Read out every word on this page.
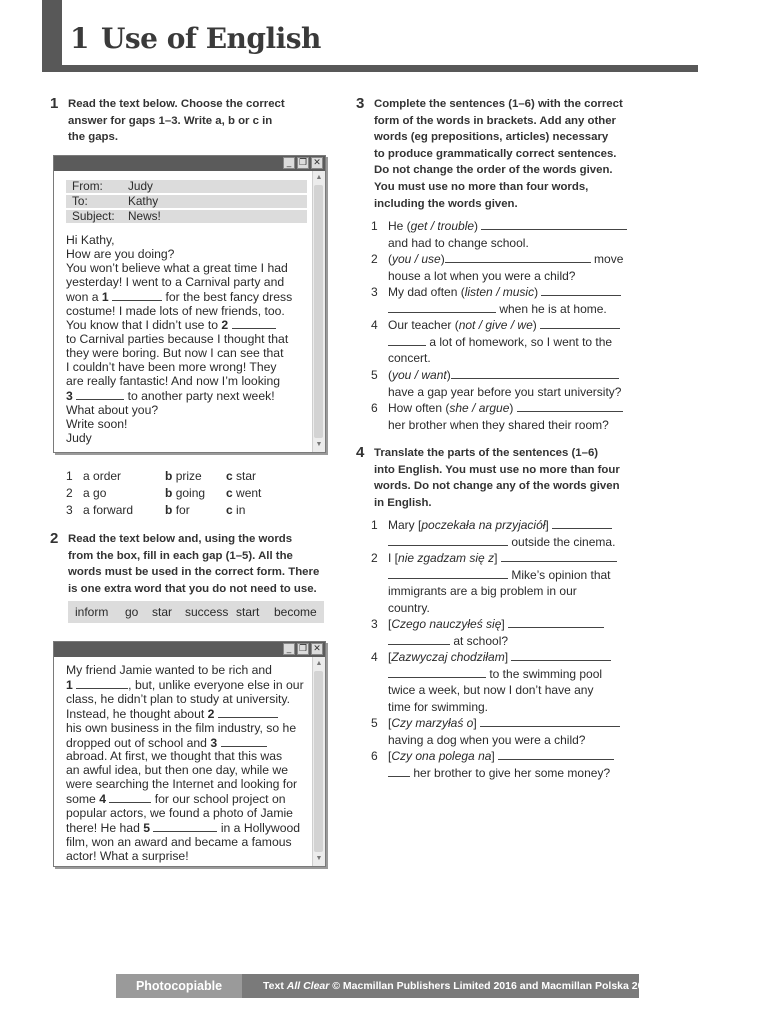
1 Use of English
1 Read the text below. Choose the correct
answer for gaps 1–3. Write a, b or c in
the gaps.
_ ❐ ✕
▲
▼
From: Judy
To:	Kathy
Subject: News!
Hi Kathy,
How are you doing?
You won’t believe what a great time I had
yesterday! I went to a Carnival party and
won a 1	for the best fancy dress
costume! I made lots of new friends, too.
You know that I didn’t use to 2
to Carnival parties because I thought that
they were boring. But now I can see that
I couldn’t have been more wrong! They
are really fantastic! And now I’m looking
3	to another party next week!
What about you?
Write soon!
Judy
1 a order	b prize c star
2 a go	b going c went
3 a forward	b for	c in
2 Read the text below and, using the words
from the box, fill in each gap (1–5). All the
words must be used in the correct form. There
is one extra word that you do not need to use.
inform go star success start become
_ ❐ ✕
▲
▼
My friend Jamie wanted to be rich and
1	, but, unlike everyone else in our
class, he didn’t plan to study at university.
Instead, he thought about 2
his own business in the film industry, so he
dropped out of school and 3
abroad. At first, we thought that this was
an awful idea, but then one day, while we
were searching the Internet and looking for
some 4	for our school project on
popular actors, we found a photo of Jamie
there! He had 5	in a Hollywood
film, won an award and became a famous
actor! What a surprise!
3 Complete the sentences (1–6) with the correct
form of the words in brackets. Add any other
words (eg prepositions, articles) necessary
to produce grammatically correct sentences.
Do not change the order of the words given.
You must use no more than four words,
including the words given.
1 He (get / trouble)
and had to change school.
2 (you / use)	move
house a lot when you were a child?
3 My dad often (listen / music)
when he is at home.
4 Our teacher (not / give / we)
a lot of homework, so I went to the
concert.
5 (you / want)
have a gap year before you start university?
6 How often (she / argue)
her brother when they shared their room?
4 Translate the parts of the sentences (1–6)
into English. You must use no more than four
words. Do not change any of the words given
in English.
1 Mary [poczekała na przyjaciół]
outside the cinema.
2 I [nie zgadzam się z]
Mike’s opinion that
immigrants are a big problem in our
country.
3 [Czego nauczyłeś się]
at school?
4 [Zazwyczaj chodziłam]
to the swimming pool
twice a week, but now I don’t have any
time for swimming.
5 [Czy marzyłaś o]
having a dog when you were a child?
6 [Czy ona polega na]
her brother to give her some money?
Photocopiable	Text All Clear © Macmillan Publishers Limited 2016 and Macmillan Polska 2018
